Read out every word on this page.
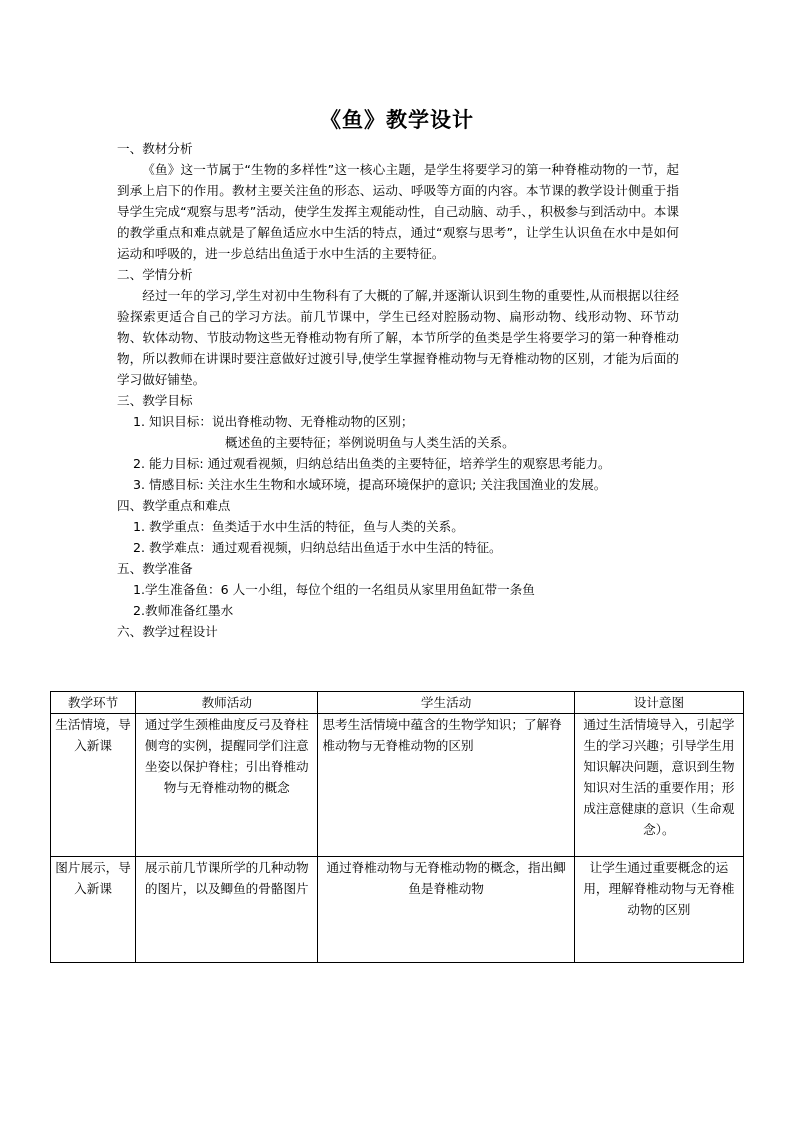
《鱼》教学设计

一、教材分析

《鱼》这一节属于“生物的多样性”这一核心主题，是学生将要学习的第一种脊椎动物的一节，起到承上启下的作用。教材主要关注鱼的形态、运动、呼吸等方面的内容。本节课的教学设计侧重于指导学生完成“观察与思考”活动，使学生发挥主观能动性，自己动脑、动手、，积极参与到活动中。本课的教学重点和难点就是了解鱼适应水中生活的特点，通过“观察与思考”，让学生认识鱼在水中是如何运动和呼吸的，进一步总结出鱼适于水中生活的主要特征。

二、学情分析

经过一年的学习,学生对初中生物科有了大概的了解,并逐渐认识到生物的重要性,从而根据以往经验探索更适合自己的学习方法。前几节课中，学生已经对腔肠动物、扁形动物、线形动物、环节动物、软体动物、节肢动物这些无脊椎动物有所了解，本节所学的鱼类是学生将要学习的第一种脊椎动物，所以教师在讲课时要注意做好过渡引导,使学生掌握脊椎动物与无脊椎动物的区别，才能为后面的学习做好铺垫。

三、教学目标

1. 知识目标：说出脊椎动物、无脊椎动物的区别；

概述鱼的主要特征；举例说明鱼与人类生活的关系。

2. 能力目标: 通过观看视频，归纳总结出鱼类的主要特征，培养学生的观察思考能力。

3. 情感目标: 关注水生生物和水域环境，提高环境保护的意识; 关注我国渔业的发展。

四、教学重点和难点

1. 教学重点：鱼类适于水中生活的特征，鱼与人类的关系。

2. 教学难点：通过观看视频，归纳总结出鱼适于水中生活的特征。

五、教学准备

1.学生准备鱼：6 人一小组，每位个组的一名组员从家里用鱼缸带一条鱼

2.教师准备红墨水

六、教学过程设计

教学环节	教师活动	学生活动	设计意图
生活情境，导入新课	通过学生颈椎曲度反弓及脊柱侧弯的实例，提醒同学们注意坐姿以保护脊柱；引出脊椎动物与无脊椎动物的概念	思考生活情境中蕴含的生物学知识；了解脊椎动物与无脊椎动物的区别	通过生活情境导入，引起学生的学习兴趣；引导学生用知识解决问题，意识到生物知识对生活的重要作用；形成注意健康的意识（生命观念）。
图片展示，导入新课	展示前几节课所学的几种动物的图片，以及鲫鱼的骨骼图片	通过脊椎动物与无脊椎动物的概念，指出鲫鱼是脊椎动物	让学生通过重要概念的运用，理解脊椎动物与无脊椎动物的区别
